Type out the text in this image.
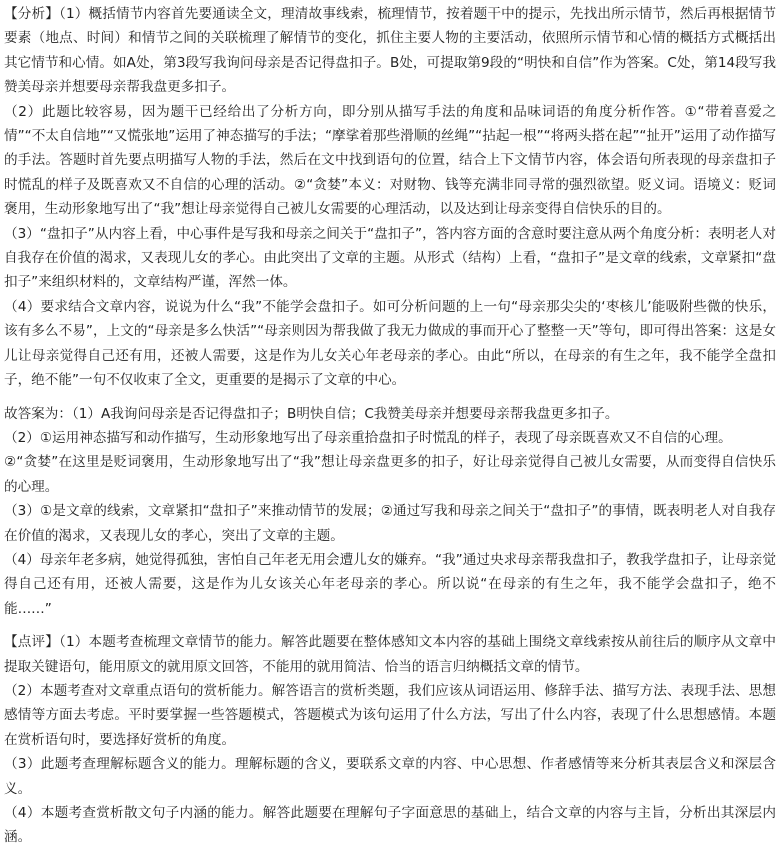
【分析】（1）概括情节内容首先要通读全文，理清故事线索，梳理情节，按着题干中的提示，先找出所示情节，然后再根据情节要素（地点、时间）和情节之间的关联梳理了解情节的变化，抓住主要人物的主要活动，依照所示情节和心情的概括方式概括出其它情节和心情。如A处，第3段写我询问母亲是否记得盘扣子。B处，可提取第9段的“明快和自信”作为答案。C处，第14段写我赞美母亲并想要母亲帮我盘更多扣子。

（2）此题比较容易，因为题干已经给出了分析方向，即分别从描写手法的角度和品味词语的角度分析作答。①“带着喜爱之情”“不太自信地”“又慌张地”运用了神态描写的手法；“摩挲着那些滑顺的丝绳”“拈起一根”“将两头搭在起”“扯开”运用了动作描写的手法。答题时首先要点明描写人物的手法，然后在文中找到语句的位置，结合上下文情节内容，体会语句所表现的母亲盘扣子时慌乱的样子及既喜欢又不自信的心理的活动。②“贪婪”本义：对财物、钱等充满非同寻常的强烈欲望。贬义词。语境义：贬词褒用，生动形象地写出了“我”想让母亲觉得自己被儿女需要的心理活动，以及达到让母亲变得自信快乐的目的。

（3）“盘扣子”从内容上看，中心事件是写我和母亲之间关于“盘扣子”，答内容方面的含意时要注意从两个角度分析：表明老人对自我存在价值的渴求，又表现儿女的孝心。由此突出了文章的主题。从形式（结构）上看，“盘扣子”是文章的线索，文章紧扣“盘扣子”来组织材料的，文章结构严谨，浑然一体。

（4）要求结合文章内容，说说为什么“我”不能学会盘扣子。如可分析问题的上一句“母亲那尖尖的‘枣核儿’能吸附些微的快乐，该有多么不易”，上文的“母亲是多么快活”“母亲则因为帮我做了我无力做成的事而开心了整整一天”等句，即可得出答案：这是女儿让母亲觉得自己还有用，还被人需要，这是作为儿女关心年老母亲的孝心。由此“所以，在母亲的有生之年，我不能学全盘扣子，绝不能”一句不仅收束了全文，更重要的是揭示了文章的中心。

故答案为：（1）A我询问母亲是否记得盘扣子；B明快自信；C我赞美母亲并想要母亲帮我盘更多扣子。

（2）①运用神态描写和动作描写，生动形象地写出了母亲重拾盘扣子时慌乱的样子，表现了母亲既喜欢又不自信的心理。

②“贪婪”在这里是贬词褒用，生动形象地写出了“我”想让母亲盘更多的扣子，好让母亲觉得自己被儿女需要，从而变得自信快乐的心理。

（3）①是文章的线索，文章紧扣“盘扣子”来推动情节的发展；②通过写我和母亲之间关于“盘扣子”的事情，既表明老人对自我存在价值的渴求，又表现儿女的孝心，突出了文章的主题。

（4）母亲年老多病，她觉得孤独，害怕自己年老无用会遭儿女的嫌弃。“我”通过央求母亲帮我盘扣子，教我学盘扣子，让母亲觉得自己还有用，还被人需要，这是作为儿女该关心年老母亲的孝心。所以说“在母亲的有生之年，我不能学会盘扣子，绝不能……”

【点评】（1）本题考查梳理文章情节的能力。解答此题要在整体感知文本内容的基础上围绕文章线索按从前往后的顺序从文章中提取关键语句，能用原文的就用原文回答，不能用的就用简洁、恰当的语言归纳概括文章的情节。

（2）本题考查对文章重点语句的赏析能力。解答语言的赏析类题，我们应该从词语运用、修辞手法、描写方法、表现手法、思想感情等方面去考虑。平时要掌握一些答题模式，答题模式为该句运用了什么方法，写出了什么内容，表现了什么思想感情。本题在赏析语句时，要选择好赏析的角度。

（3）此题考查理解标题含义的能力。理解标题的含义，要联系文章的内容、中心思想、作者感情等来分析其表层含义和深层含义。

（4）本题考查赏析散文句子内涵的能力。解答此题要在理解句子字面意思的基础上，结合文章的内容与主旨，分析出其深层内涵。
